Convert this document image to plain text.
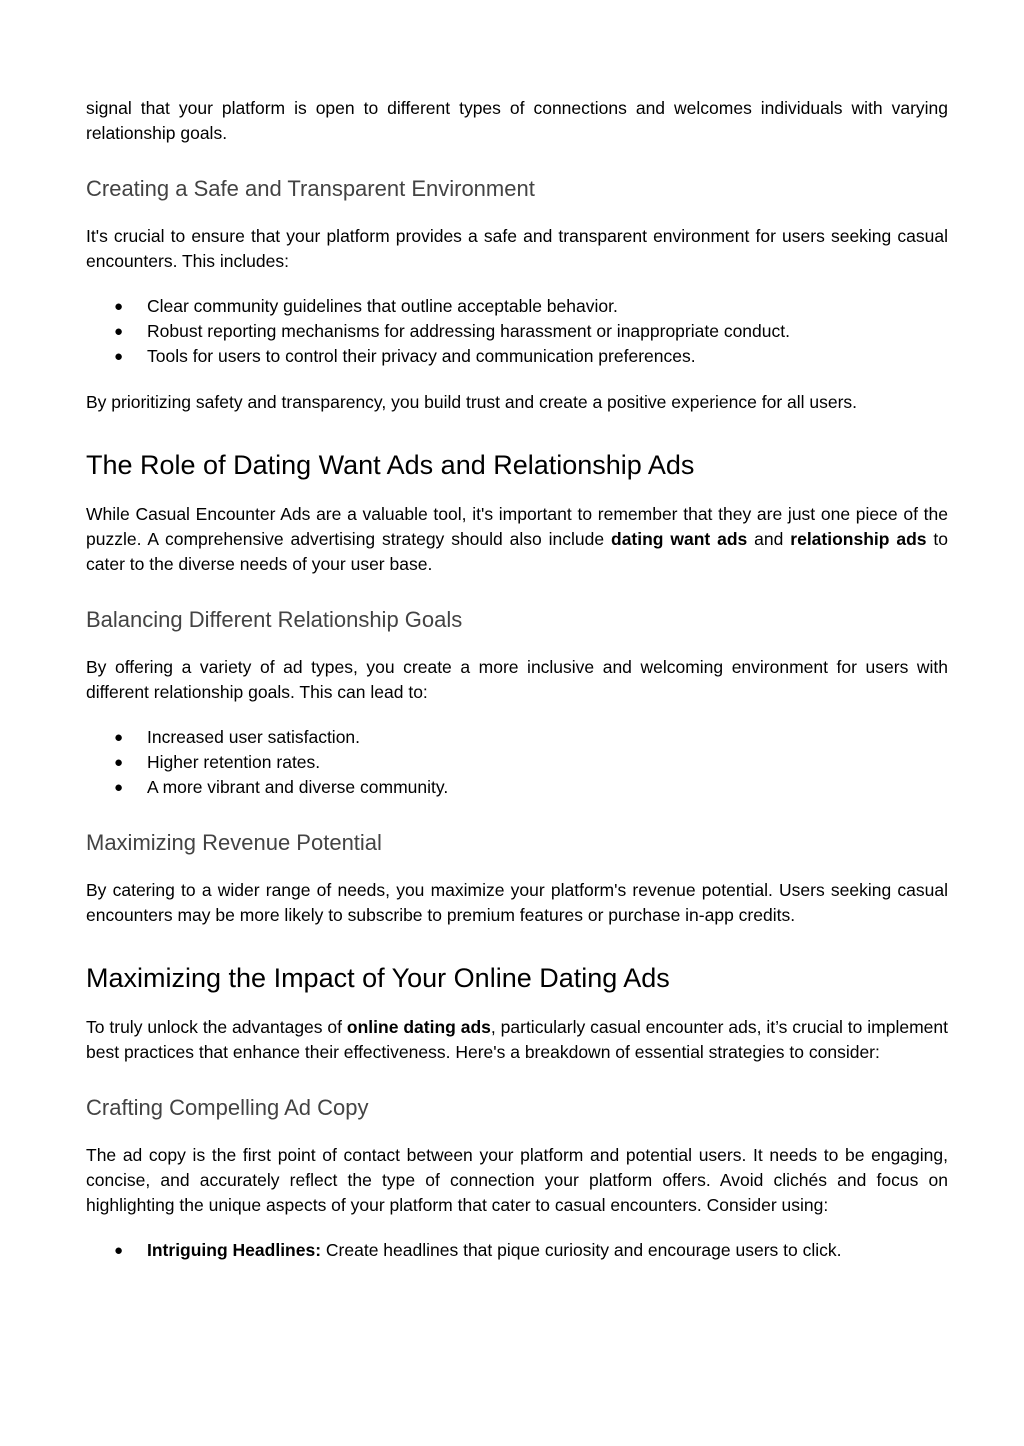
signal that your platform is open to different types of connections and welcomes individuals with varying relationship goals.

Creating a Safe and Transparent Environment

It's crucial to ensure that your platform provides a safe and transparent environment for users seeking casual encounters. This includes:

● Clear community guidelines that outline acceptable behavior.
● Robust reporting mechanisms for addressing harassment or inappropriate conduct.
● Tools for users to control their privacy and communication preferences.

By prioritizing safety and transparency, you build trust and create a positive experience for all users.

The Role of Dating Want Ads and Relationship Ads

While Casual Encounter Ads are a valuable tool, it's important to remember that they are just one piece of the puzzle. A comprehensive advertising strategy should also include dating want ads and relationship ads to cater to the diverse needs of your user base.

Balancing Different Relationship Goals

By offering a variety of ad types, you create a more inclusive and welcoming environment for users with different relationship goals. This can lead to:

● Increased user satisfaction.
● Higher retention rates.
● A more vibrant and diverse community.
Maximizing Revenue Potential

By catering to a wider range of needs, you maximize your platform's revenue potential. Users seeking casual encounters may be more likely to subscribe to premium features or purchase in-app credits.

Maximizing the Impact of Your Online Dating Ads

To truly unlock the advantages of online dating ads, particularly casual encounter ads, it’s crucial to implement best practices that enhance their effectiveness. Here's a breakdown of essential strategies to consider:

Crafting Compelling Ad Copy

The ad copy is the first point of contact between your platform and potential users. It needs to be engaging, concise, and accurately reflect the type of connection your platform offers. Avoid clichés and focus on highlighting the unique aspects of your platform that cater to casual encounters. Consider using:

● Intriguing Headlines: Create headlines that pique curiosity and encourage users to click.
